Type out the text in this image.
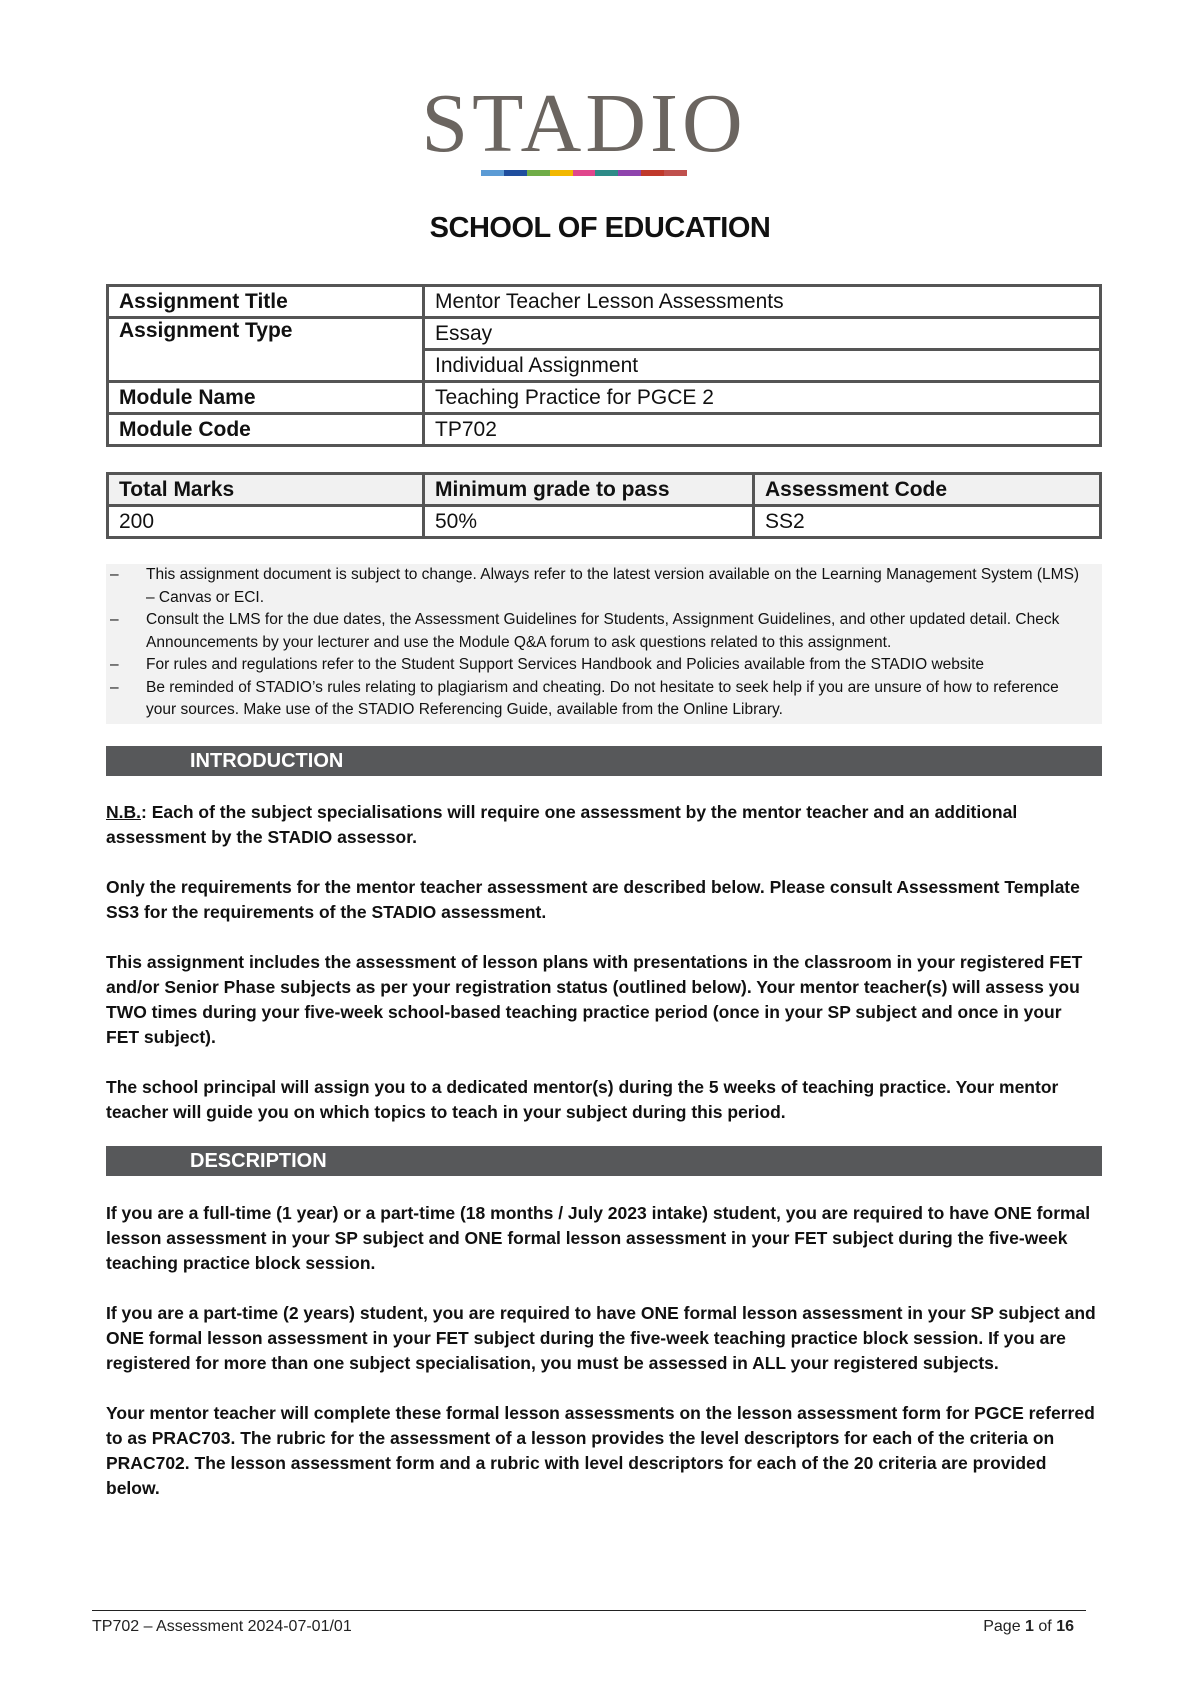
STADIO
SCHOOL OF EDUCATION
Assignment Title	Mentor Teacher Lesson Assessments
Assignment Type	Essay
	Individual Assignment
Module Name	Teaching Practice for PGCE 2
Module Code	TP702
Total Marks	Minimum grade to pass	Assessment Code
200	50%	SS2
– This assignment document is subject to change. Always refer to the latest version available on the Learning Management System (LMS) – Canvas or ECI.
– Consult the LMS for the due dates, the Assessment Guidelines for Students, Assignment Guidelines, and other updated detail. Check Announcements by your lecturer and use the Module Q&A forum to ask questions related to this assignment.
– For rules and regulations refer to the Student Support Services Handbook and Policies available from the STADIO website
– Be reminded of STADIO’s rules relating to plagiarism and cheating. Do not hesitate to seek help if you are unsure of how to reference your sources. Make use of the STADIO Referencing Guide, available from the Online Library.
INTRODUCTION

N.B.: Each of the subject specialisations will require one assessment by the mentor teacher and an additional assessment by the STADIO assessor.

Only the requirements for the mentor teacher assessment are described below. Please consult Assessment Template SS3 for the requirements of the STADIO assessment.

This assignment includes the assessment of lesson plans with presentations in the classroom in your registered FET and/or Senior Phase subjects as per your registration status (outlined below). Your mentor teacher(s) will assess you TWO times during your five-week school-based teaching practice period (once in your SP subject and once in your FET subject).

The school principal will assign you to a dedicated mentor(s) during the 5 weeks of teaching practice. Your mentor teacher will guide you on which topics to teach in your subject during this period.

DESCRIPTION

If you are a full-time (1 year) or a part-time (18 months / July 2023 intake) student, you are required to have ONE formal lesson assessment in your SP subject and ONE formal lesson assessment in your FET subject during the five-week teaching practice block session.

If you are a part-time (2 years) student, you are required to have ONE formal lesson assessment in your SP subject and ONE formal lesson assessment in your FET subject during the five-week teaching practice block session. If you are registered for more than one subject specialisation, you must be assessed in ALL your registered subjects.

Your mentor teacher will complete these formal lesson assessments on the lesson assessment form for PGCE referred to as PRAC703. The rubric for the assessment of a lesson provides the level descriptors for each of the criteria on PRAC702. The lesson assessment form and a rubric with level descriptors for each of the 20 criteria are provided below.

TP702 – Assessment 2024-07-01/01	Page 1 of 16
